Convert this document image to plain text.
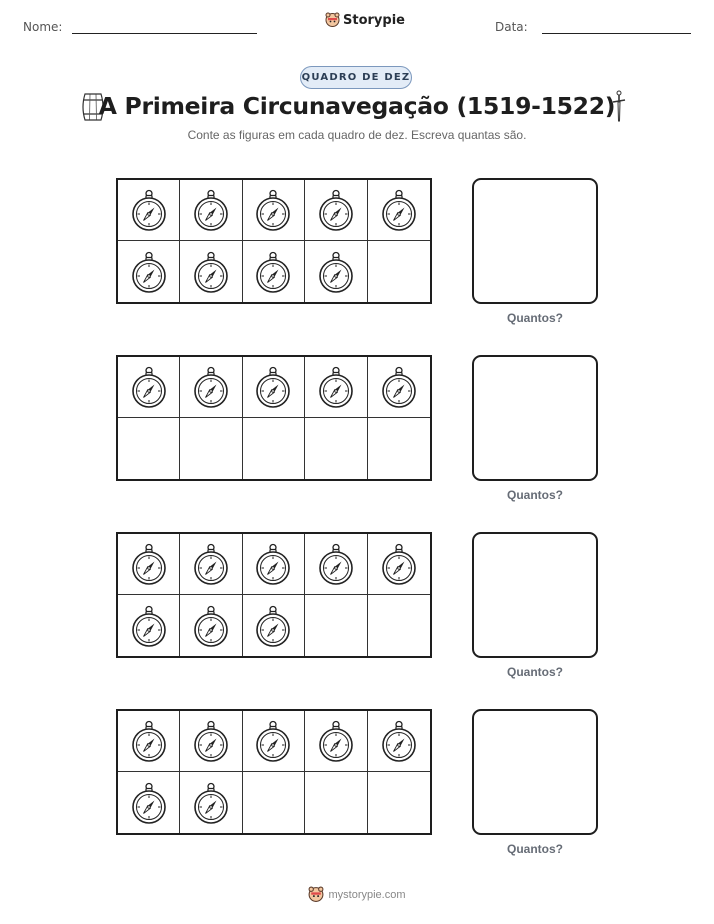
Nome:	Storypie	Data:
QUADRO DE DEZ
A Primeira Circunavegação (1519-1522)
Conte as figuras em cada quadro de dez. Escreva quantas são.
Quantos?
Quantos?
Quantos?
Quantos?
mystorypie.com
